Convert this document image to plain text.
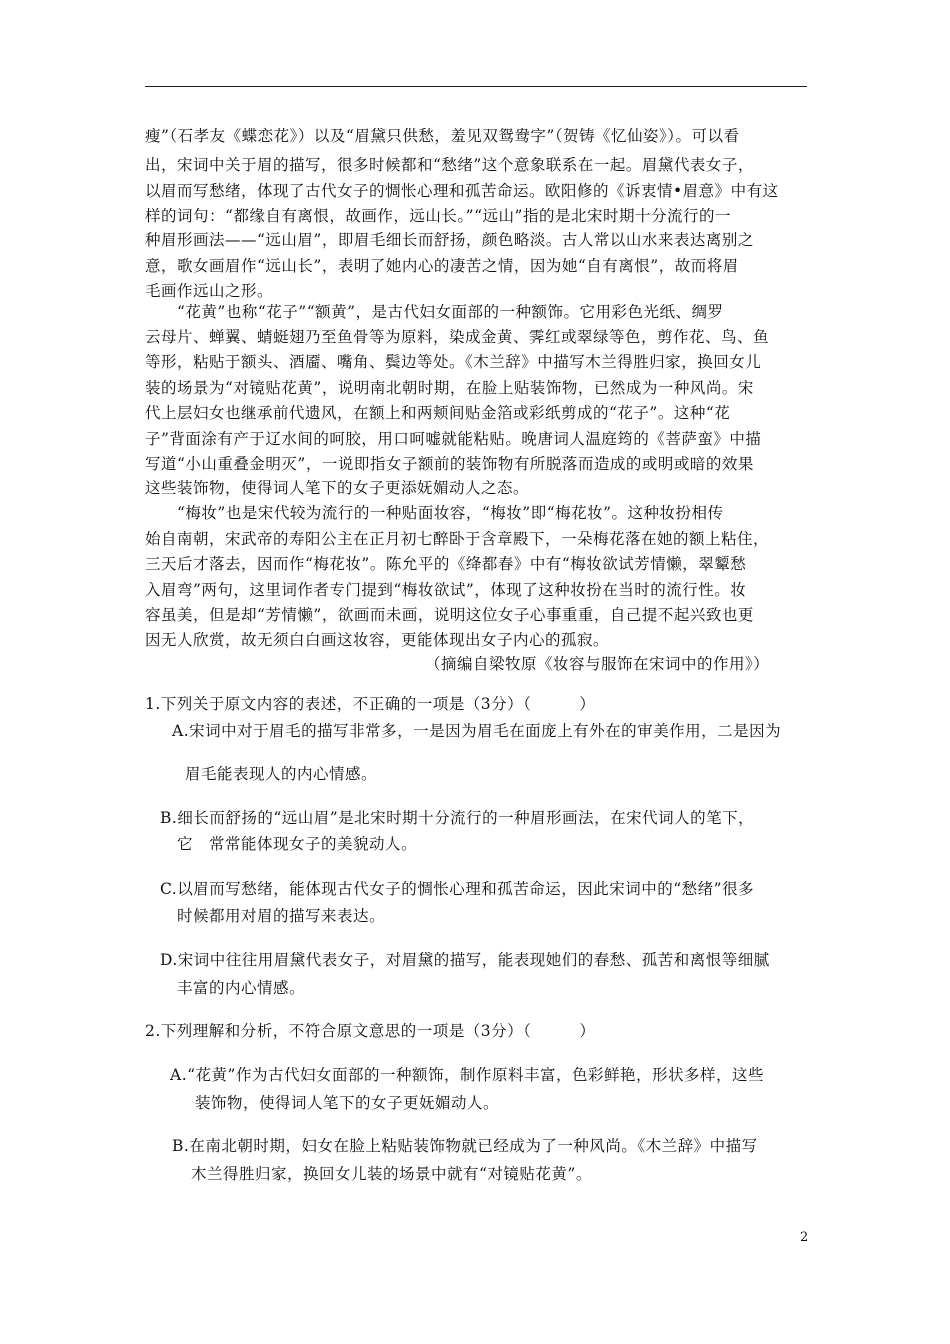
瘦”（石孝友《蝶恋花》）以及“眉黛只供愁，羞见双鸳鸯字”（贺铸《忆仙姿》）。可以看
出，宋词中关于眉的描写，很多时候都和“愁绪”这个意象联系在一起。眉黛代表女子，
以眉而写愁绪，体现了古代女子的惆怅心理和孤苦命运。欧阳修的《诉衷情•眉意》中有这
样的词句：“都缘自有离恨，故画作，远山长。”“远山”指的是北宋时期十分流行的一
种眉形画法——“远山眉”，即眉毛细长而舒扬，颜色略淡。古人常以山水来表达离别之
意，歌女画眉作“远山长”，表明了她内心的凄苦之情，因为她“自有离恨”，故而将眉
毛画作远山之形。
“花黄”也称“花子”“额黄”，是古代妇女面部的一种额饰。它用彩色光纸、绸罗
云母片、蝉翼、蜻蜓翅乃至鱼骨等为原料，染成金黄、霁红或翠绿等色，剪作花、鸟、鱼
等形，粘贴于额头、酒靥、嘴角、鬓边等处。《木兰辞》中描写木兰得胜归家，换回女儿
装的场景为“对镜贴花黄”，说明南北朝时期，在脸上贴装饰物，已然成为一种风尚。宋
代上层妇女也继承前代遗风，在额上和两颊间贴金箔或彩纸剪成的“花子”。这种“花
子”背面涂有产于辽水间的呵胶，用口呵嘘就能粘贴。晚唐词人温庭筠的《菩萨蛮》中描
写道“小山重叠金明灭”，一说即指女子额前的装饰物有所脱落而造成的或明或暗的效果
这些装饰物，使得词人笔下的女子更添妩媚动人之态。
“梅妆”也是宋代较为流行的一种贴面妆容，“梅妆”即“梅花妆”。这种妆扮相传
始自南朝，宋武帝的寿阳公主在正月初七醉卧于含章殿下，一朵梅花落在她的额上粘住，
三天后才落去，因而作“梅花妆”。陈允平的《绛都春》中有“梅妆欲试芳情懒，翠颦愁
入眉弯”两句，这里词作者专门提到“梅妆欲试”，体现了这种妆扮在当时的流行性。妆
容虽美，但是却“芳情懒”，欲画而未画，说明这位女子心事重重，自己提不起兴致也更
因无人欣赏，故无须白白画这妆容，更能体现出女子内心的孤寂。
（摘编自梁牧原《妆容与服饰在宋词中的作用》）
1.下列关于原文内容的表述，不正确的一项是（3分）（　　　）
A.宋词中对于眉毛的描写非常多，一是因为眉毛在面庞上有外在的审美作用，二是因为
眉毛能表现人的内心情感。
B.细长而舒扬的“远山眉”是北宋时期十分流行的一种眉形画法，在宋代词人的笔下，
它　常常能体现女子的美貌动人。
C.以眉而写愁绪，能体现古代女子的惆怅心理和孤苦命运，因此宋词中的“愁绪”很多
时候都用对眉的描写来表达。
D.宋词中往往用眉黛代表女子，对眉黛的描写，能表现她们的春愁、孤苦和离恨等细腻
丰富的内心情感。
2.下列理解和分析，不符合原文意思的一项是（3分）（　　　）
A.“花黄”作为古代妇女面部的一种额饰，制作原料丰富，色彩鲜艳，形状多样，这些
装饰物，使得词人笔下的女子更妩媚动人。
B.在南北朝时期，妇女在脸上粘贴装饰物就已经成为了一种风尚。《木兰辞》中描写
木兰得胜归家，换回女儿装的场景中就有“对镜贴花黄”。
2
